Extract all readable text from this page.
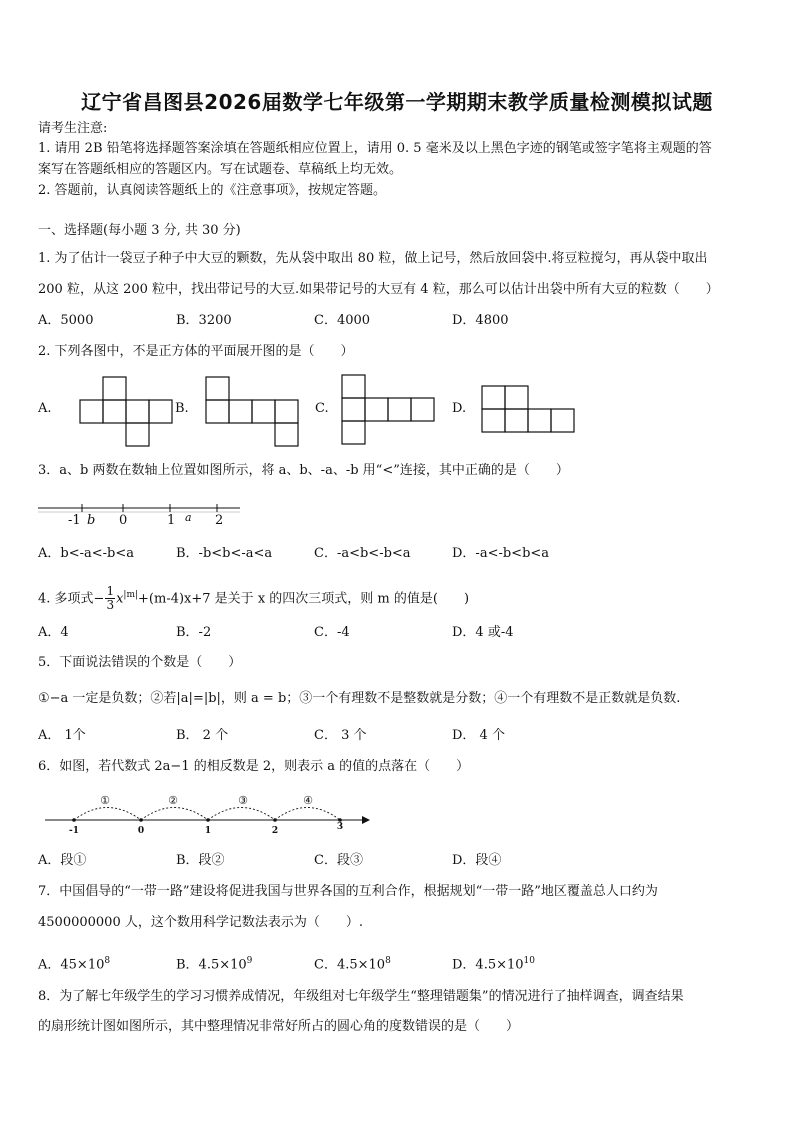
辽宁省昌图县2026届数学七年级第一学期期末教学质量检测模拟试题
请考生注意:
1. 请用 2B 铅笔将选择题答案涂填在答题纸相应位置上，请用 0. 5 毫米及以上黑色字迹的钢笔或签字笔将主观题的答
案写在答题纸相应的答题区内。写在试题卷、草稿纸上均无效。
2. 答题前，认真阅读答题纸上的《注意事项》，按规定答题。
一、选择题(每小题 3 分, 共 30 分)
1. 为了估计一袋豆子种子中大豆的颗数，先从袋中取出 80 粒，做上记号，然后放回袋中.将豆粒搅匀，再从袋中取出
200 粒，从这 200 粒中，找出带记号的大豆.如果带记号的大豆有 4 粒，那么可以估计出袋中所有大豆的粒数（　　）
A．5000	B．3200	C．4000	D．4800
2. 下列各图中，不是正方体的平面展开图的是（　　）
A.	B.	C.	D.
3．a、b 两数在数轴上位置如图所示，将 a、b、-a、-b 用“<”连接，其中正确的是（　　）
-1 b 0	1 a 2
A．b<-a<-b<a	B．-b<b<-a<a	C．-a<b<-b<a	D．-a<-b<b<a
4. 多项式− $\frac{1}{3} x^{|m|}+(m-4)x+7$ 是关于 x 的四次三项式，则 m 的值是(　　)
A．4	B．-2	C．-4	D．4 或-4
5．下面说法错误的个数是（　　）
①−a 一定是负数；②若|a|=|b|，则 a = b；③一个有理数不是整数就是分数；④一个有理数不是正数就是负数.
A． 1个	B． 2 个	C． 3 个	D． 4 个
6．如图，若代数式 2a−1 的相反数是 2，则表示 a 的值的点落在（　　）
①	②	③	④
-1	0	1	2	3
A．段①	B．段②	C．段③	D．段④
7．中国倡导的“一带一路”建设将促进我国与世界各国的互利合作，根据规划“一带一路”地区覆盖总人口约为
4500000000 人，这个数用科学记数法表示为（　　）.
A．$45\times 10^8$	B．$4.5\times 10^9$	C．$4.5\times 10^8$	D．$4.5\times 10^{10}$
8．为了解七年级学生的学习习惯养成情况，年级组对七年级学生“整理错题集”的情况进行了抽样调查，调查结果
的扇形统计图如图所示，其中整理情况非常好所占的圆心角的度数错误的是（　　）
